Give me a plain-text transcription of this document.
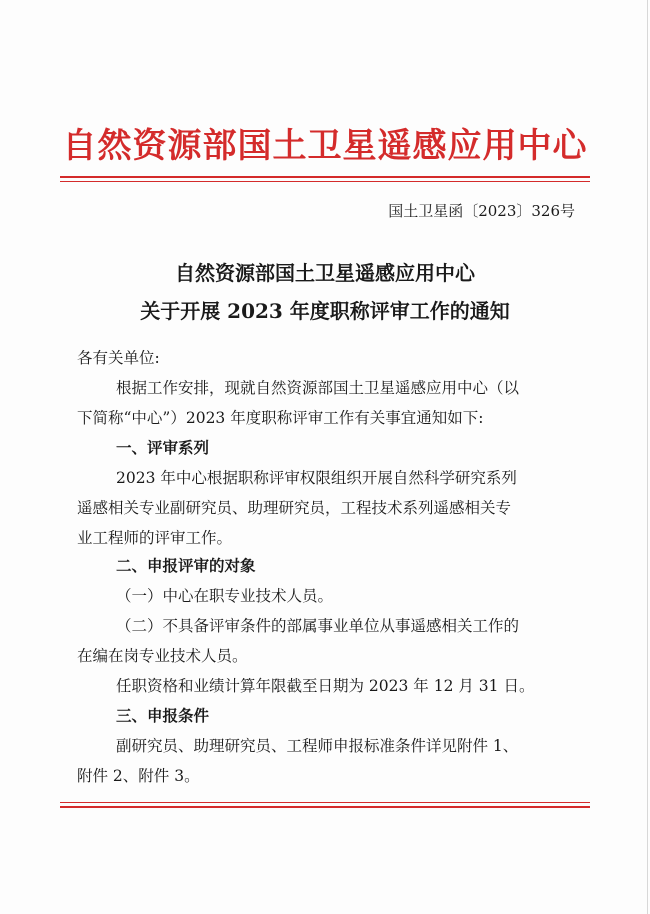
自然资源部国土卫星遥感应用中心
国土卫星函〔2023〕326号
自然资源部国土卫星遥感应用中心
关于开展 2023 年度职称评审工作的通知
各有关单位:
根据工作安排，现就自然资源部国土卫星遥感应用中心（以
下简称“中心”）2023 年度职称评审工作有关事宜通知如下:
一、评审系列
2023 年中心根据职称评审权限组织开展自然科学研究系列
遥感相关专业副研究员、助理研究员，工程技术系列遥感相关专
业工程师的评审工作。
二、申报评审的对象
（一）中心在职专业技术人员。
（二）不具备评审条件的部属事业单位从事遥感相关工作的
在编在岗专业技术人员。
任职资格和业绩计算年限截至日期为 2023 年 12 月 31 日。
三、申报条件
副研究员、助理研究员、工程师申报标准条件详见附件 1、
附件 2、附件 3。
